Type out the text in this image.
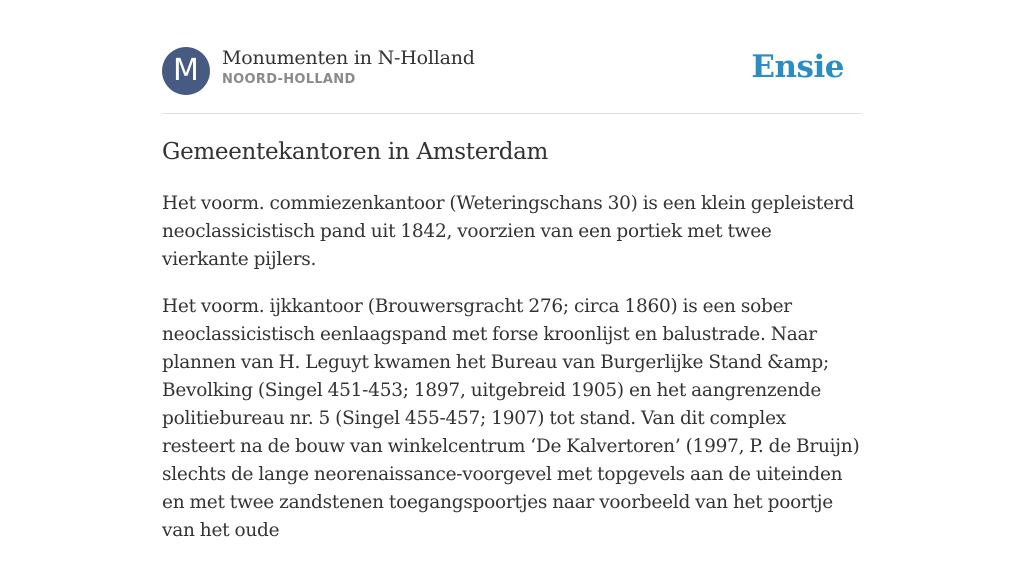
M	Monumenten in N-Holland
NOORD-HOLLAND	Ensie
Gemeentekantoren in Amsterdam

Het voorm. commiezenkantoor (Weteringschans 30) is een klein gepleisterd neoclassicistisch pand uit 1842, voorzien van een portiek met twee vierkante pijlers.

Het voorm. ijkkantoor (Brouwersgracht 276; circa 1860) is een sober neoclassicistisch eenlaagspand met forse kroonlijst en balustrade. Naar plannen van H. Leguyt kwamen het Bureau van Burgerlijke Stand &amp; Bevolking (Singel 451-453; 1897, uitgebreid 1905) en het aangrenzende politiebureau nr. 5 (Singel 455-457; 1907) tot stand. Van dit complex resteert na de bouw van winkelcentrum ‘De Kalvertoren’ (1997, P. de Bruijn) slechts de lange neorenaissance-voorgevel met topgevels aan de uiteinden en met twee zandstenen toegangspoortjes naar voorbeeld van het poortje van het oude
